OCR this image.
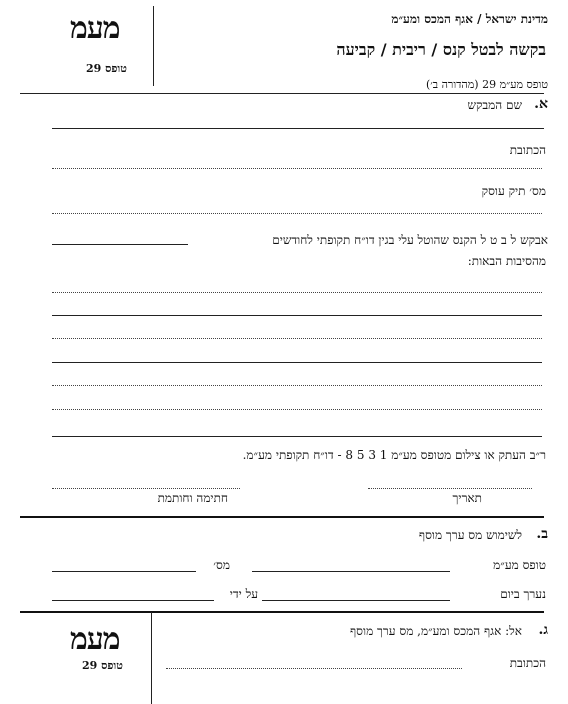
מדינת ישראל / אגף המכס ומע״מ
בקשה לבטל קנס / ריבית / קביעה
טופס מע״מ 29 (מהדורה ב׳)
מעמ
טופס 29
א.
שם המבקש
הכתובת
מס׳ תיק עוסק
אבקש ל ב ט ל הקנס שהוטל עלי בגין דו״ח תקופתי לחודשים
מהסיבות הבאות:
ר״ב העתק או צילום מטופס מע״מ 1 3 5 8 - דו״ח תקופתי מע״מ.
תאריך
חתימה וחותמת
ב.
לשימוש מס ערך מוסף
טופס מע״מ
מס׳
נערך ביום
על ידי
מעמ
טופס 29
ג.
אל: אגף המכס ומע״מ, מס ערך מוסף
הכתובת
